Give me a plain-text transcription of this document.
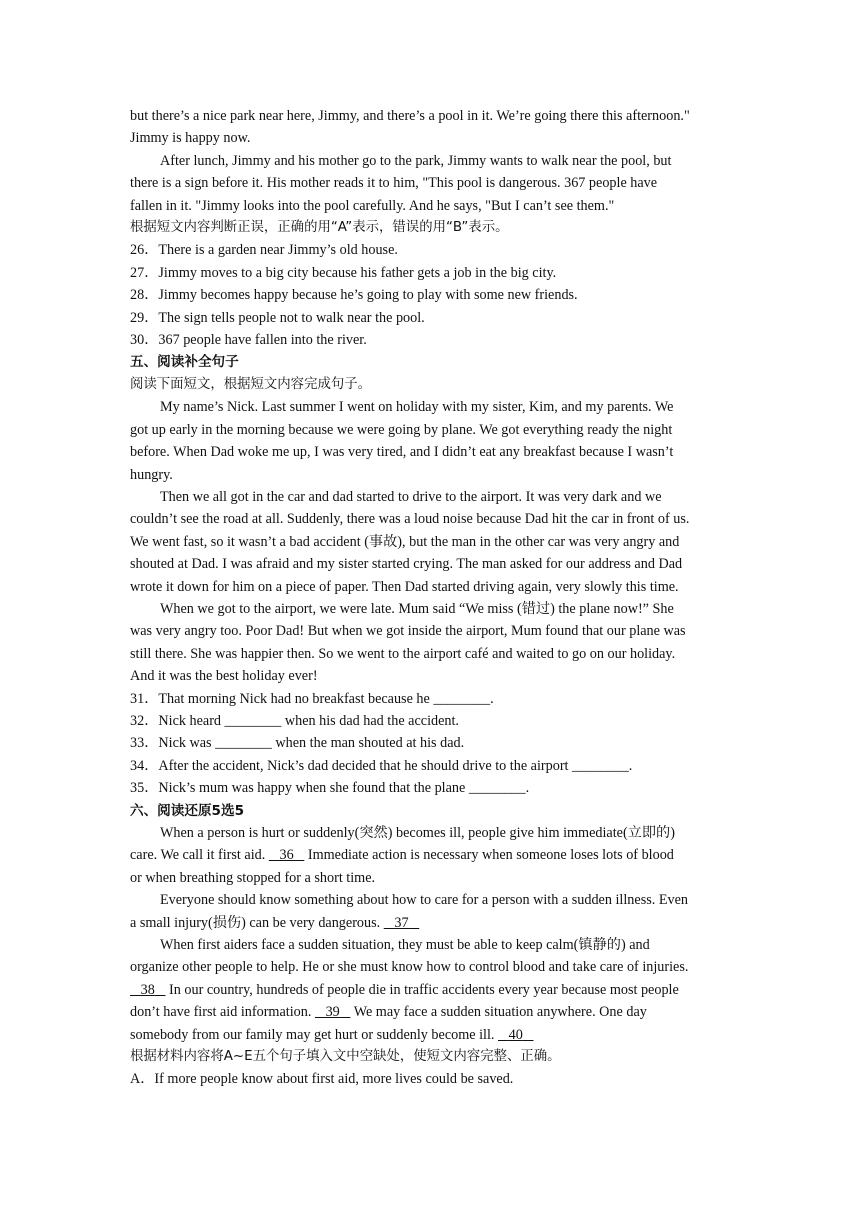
but there’s a nice park near here, Jimmy, and there’s a pool in it. We’re going there this afternoon."
Jimmy is happy now.
After lunch, Jimmy and his mother go to the park, Jimmy wants to walk near the pool, but
there is a sign before it. His mother reads it to him, "This pool is dangerous. 367 people have
fallen in it. "Jimmy looks into the pool carefully. And he says, "But I can’t see them."
根据短文内容判断正误，正确的用“A”表示，错误的用“B”表示。
26．There is a garden near Jimmy’s old house.
27．Jimmy moves to a big city because his father gets a job in the big city.
28．Jimmy becomes happy because he’s going to play with some new friends.
29．The sign tells people not to walk near the pool.
30．367 people have fallen into the river.
五、阅读补全句子
阅读下面短文，根据短文内容完成句子。
My name’s Nick. Last summer I went on holiday with my sister, Kim, and my parents. We
got up early in the morning because we were going by plane. We got everything ready the night
before. When Dad woke me up, I was very tired, and I didn’t eat any breakfast because I wasn’t
hungry.
Then we all got in the car and dad started to drive to the airport. It was very dark and we
couldn’t see the road at all. Suddenly, there was a loud noise because Dad hit the car in front of us.
We went fast, so it wasn’t a bad accident (事故), but the man in the other car was very angry and
shouted at Dad. I was afraid and my sister started crying. The man asked for our address and Dad
wrote it down for him on a piece of paper. Then Dad started driving again, very slowly this time.
When we got to the airport, we were late. Mum said “We miss (错过) the plane now!” She
was very angry too. Poor Dad! But when we got inside the airport, Mum found that our plane was
still there. She was happier then. So we went to the airport café and waited to go on our holiday.
And it was the best holiday ever!
31．That morning Nick had no breakfast because he ________.
32．Nick heard ________ when his dad had the accident.
33．Nick was ________ when the man shouted at his dad.
34．After the accident, Nick’s dad decided that he should drive to the airport ________.
35．Nick’s mum was happy when she found that the plane ________.
六、阅读还原5选5
When a person is hurt or suddenly(突然) becomes ill, people give him immediate(立即的)
care. We call it first aid. 36 Immediate action is necessary when someone loses lots of blood
or when breathing stopped for a short time.
Everyone should know something about how to care for a person with a sudden illness. Even
a small injury(损伤) can be very dangerous. 37
When first aiders face a sudden situation, they must be able to keep calm(镇静的) and
organize other people to help. He or she must know how to control blood and take care of injuries.
38 In our country, hundreds of people die in traffic accidents every year because most people
don’t have first aid information. 39 We may face a sudden situation anywhere. One day
somebody from our family may get hurt or suddenly become ill. 40
根据材料内容将A~E五个句子填入文中空缺处，使短文内容完整、正确。
A．If more people know about first aid, more lives could be saved.
